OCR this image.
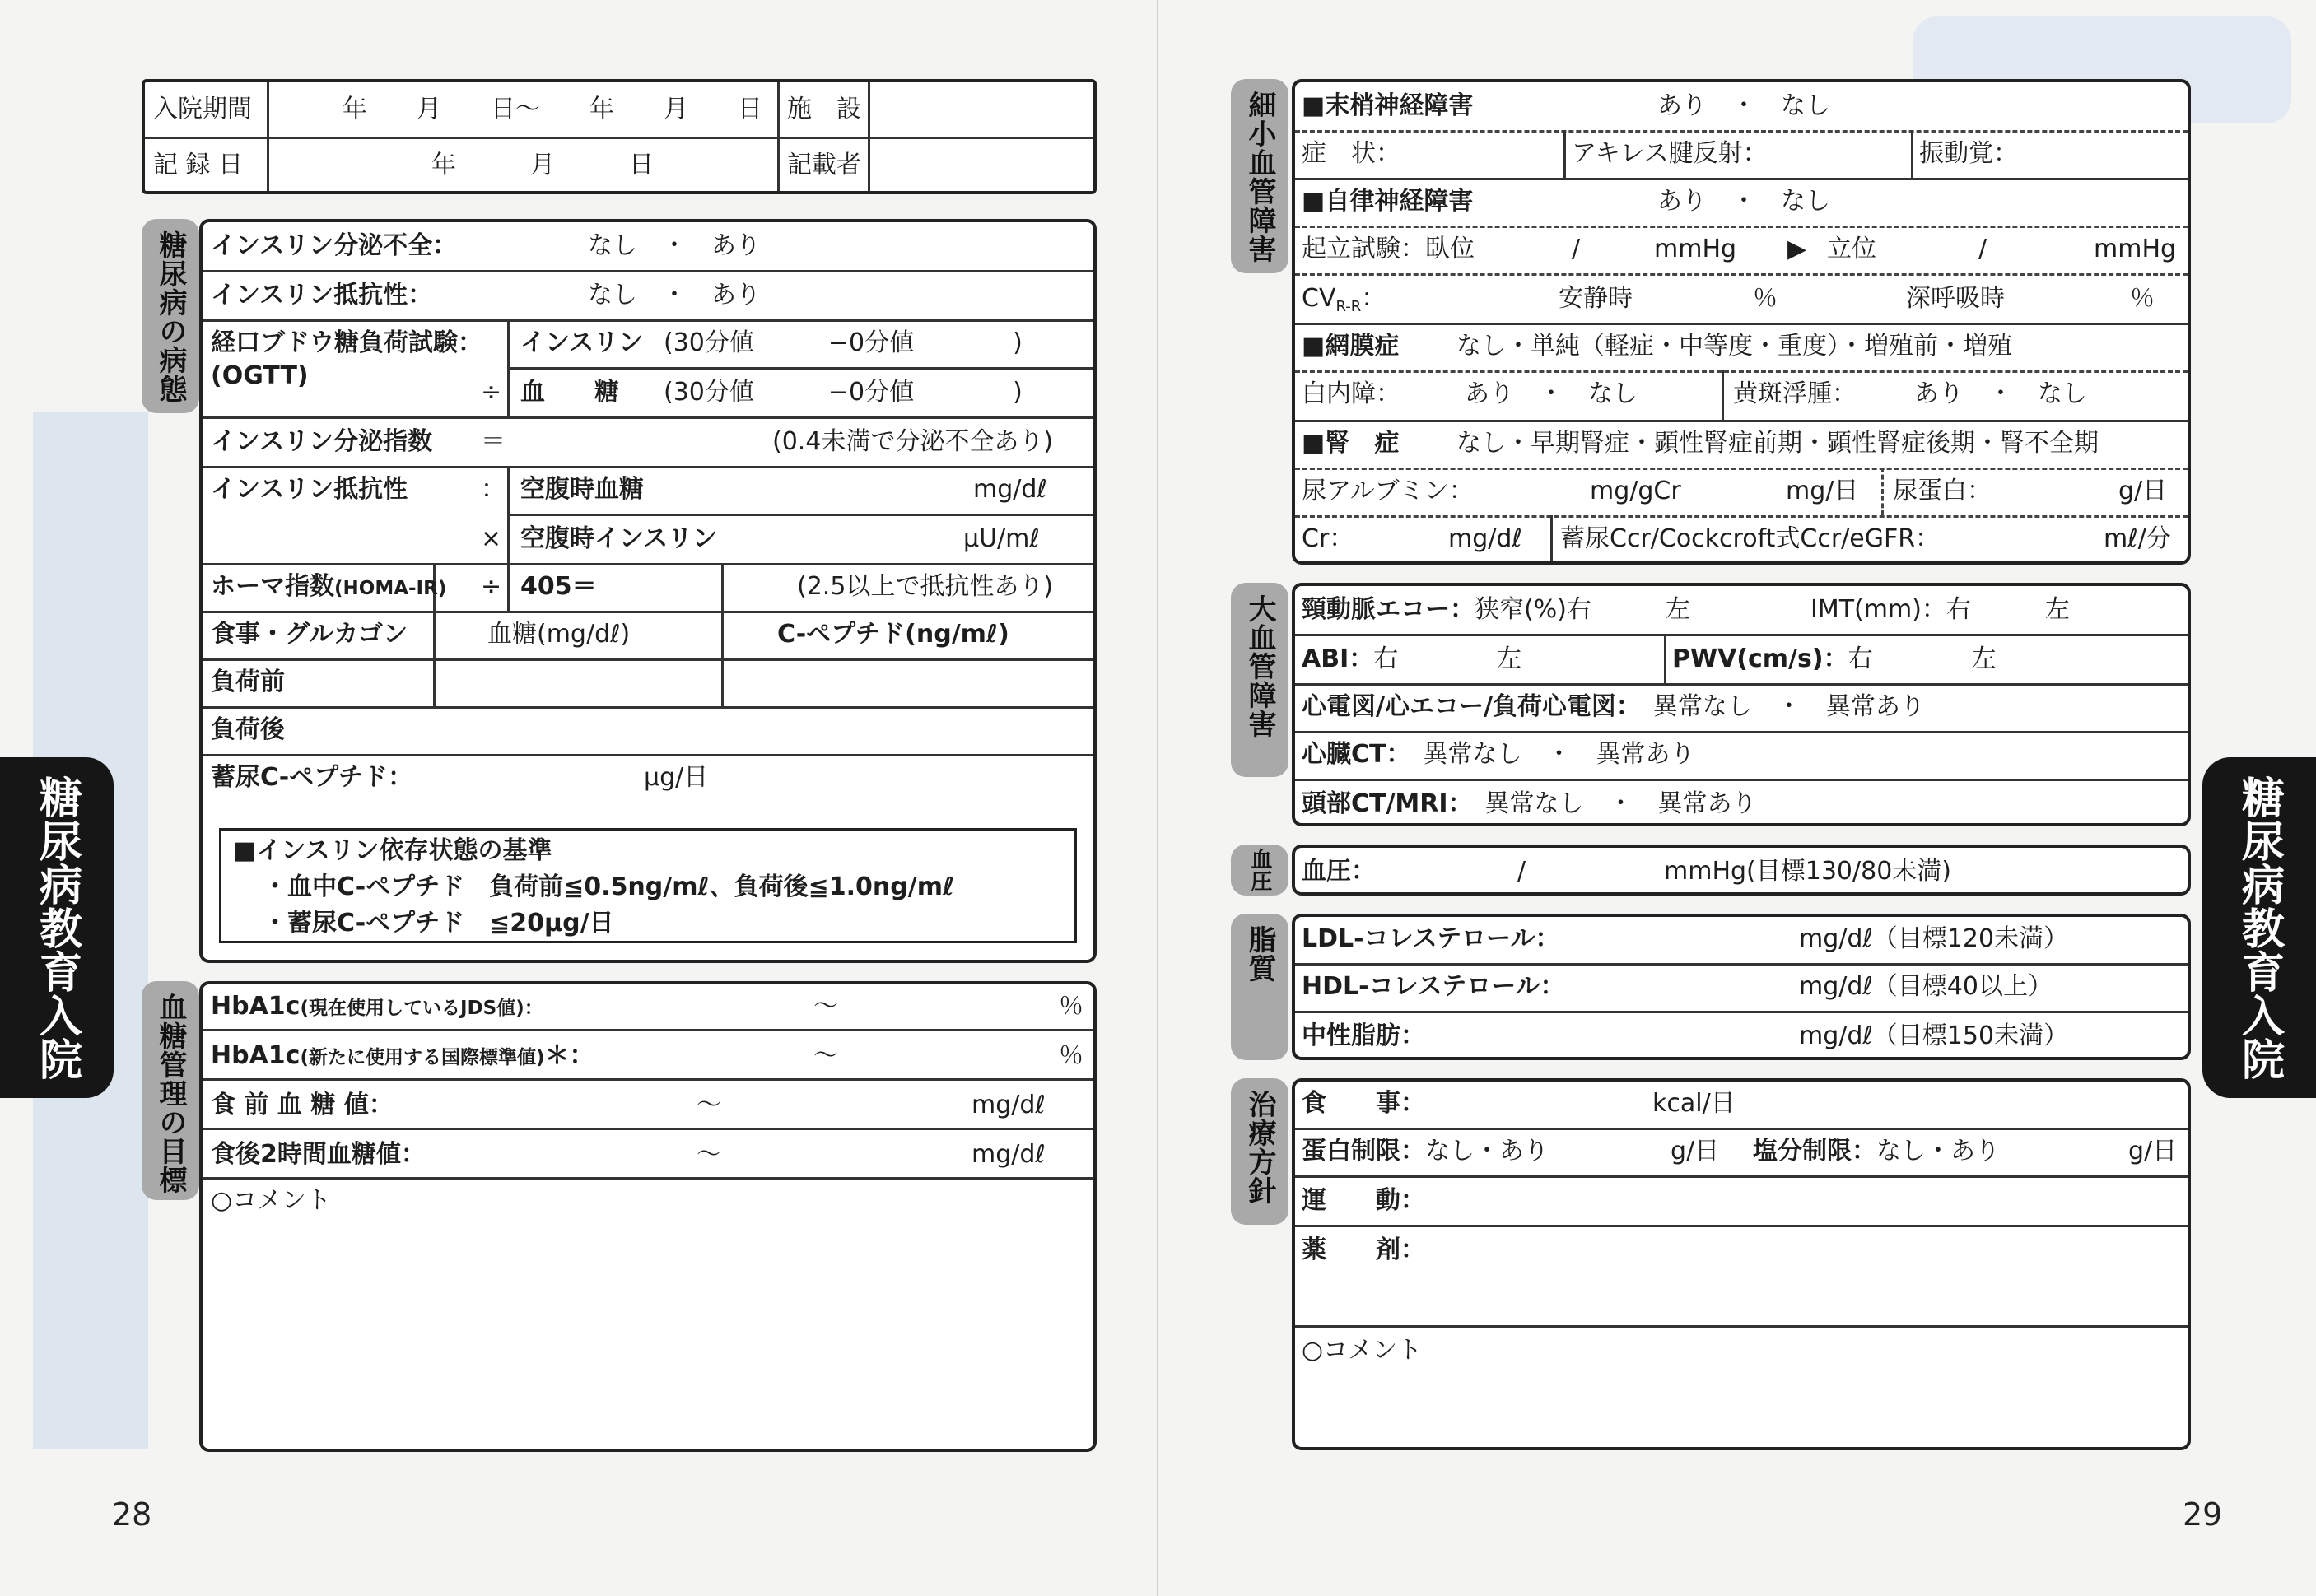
入院期間	年　　月　　日～　　年　　月　　日 施　設
記 録 日	年　　　月　　　日	記載者
糖尿病の病態 インスリン分泌不全：	なし　・　あり
インスリン抵抗性：	なし　・　あり
経口ブドウ糖負荷試験：
(OGTT)
インスリン (30分値　　　−0分値　　　　)
÷ 血　　糖 (30分値　　　−0分値　　　　)
インスリン分泌指数 ＝	(0.4未満で分泌不全あり)
インスリン抵抗性	： 空腹時血糖	mg/dℓ
× 空腹時インスリン	μU/mℓ
ホーマ指数(HOMA-IR) ÷ 405＝	(2.5以上で抵抗性あり)
食事・グルカゴン	血糖(mg/dℓ)	C-ペプチド(ng/mℓ)
負荷前
負荷後
蓄尿C-ペプチド：	μg/日
■インスリン依存状態の基準
・血中C-ペプチド　負荷前≦0.5ng/mℓ、負荷後≦1.0ng/mℓ
・蓄尿C-ペプチド　≦20μg/日
血糖管理の目標 HbA1c(現在使用しているJDS値)：	～	％
HbA1c(新たに使用する国際標準値)＊：	～	％
食 前 血 糖 値：	～	mg/dℓ
食後2時間血糖値：	～	mg/dℓ
○コメント
糖尿病教育入院
28
細小血管障害 ■末梢神経障害	あり　・　なし
症　状：	アキレス腱反射：	振動覚：
■自律神経障害	あり　・　なし
起立試験：臥位	/	mmHg ▶ 立位	/	mmHg
$CV_{R-R}$：	安静時	％	深呼吸時	％
■網膜症 なし・単純（軽症・中等度・重度）・増殖前・増殖
白内障：	あり　・　なし	黄斑浮腫： あり　・　なし
■腎　症 なし・早期腎症・顕性腎症前期・顕性腎症後期・腎不全期
尿アルブミン：	mg/gCr	mg/日 尿蛋白：	g/日
Cr：	mg/dℓ 蓄尿Ccr/Cockcroft式Ccr/eGFR：	mℓ/分
大血管障害 頸動脈エコー：狭窄(%)右　　　左	IMT(mm)：右　　　左
ABI：右　　　　左	PWV(cm/s)：右　　　　左
心電図/心エコー/負荷心電図：　 異常なし　・　異常あり
心臓CT：　 異常なし　・　異常あり
頭部CT/MRI：　 異常なし　・　異常あり
血圧 血圧：	/	mmHg(目標130/80未満)
脂質 LDL-コレステロール：	mg/dℓ（目標120未満）
HDL-コレステロール：	mg/dℓ（目標40以上）
中性脂肪：	mg/dℓ（目標150未満）
治療方針 食　　事：	kcal/日
蛋白制限：なし・あり	g/日 塩分制限：なし・あり	g/日
運　　動：
薬　　剤：
○コメント
糖尿病教育入院
29
